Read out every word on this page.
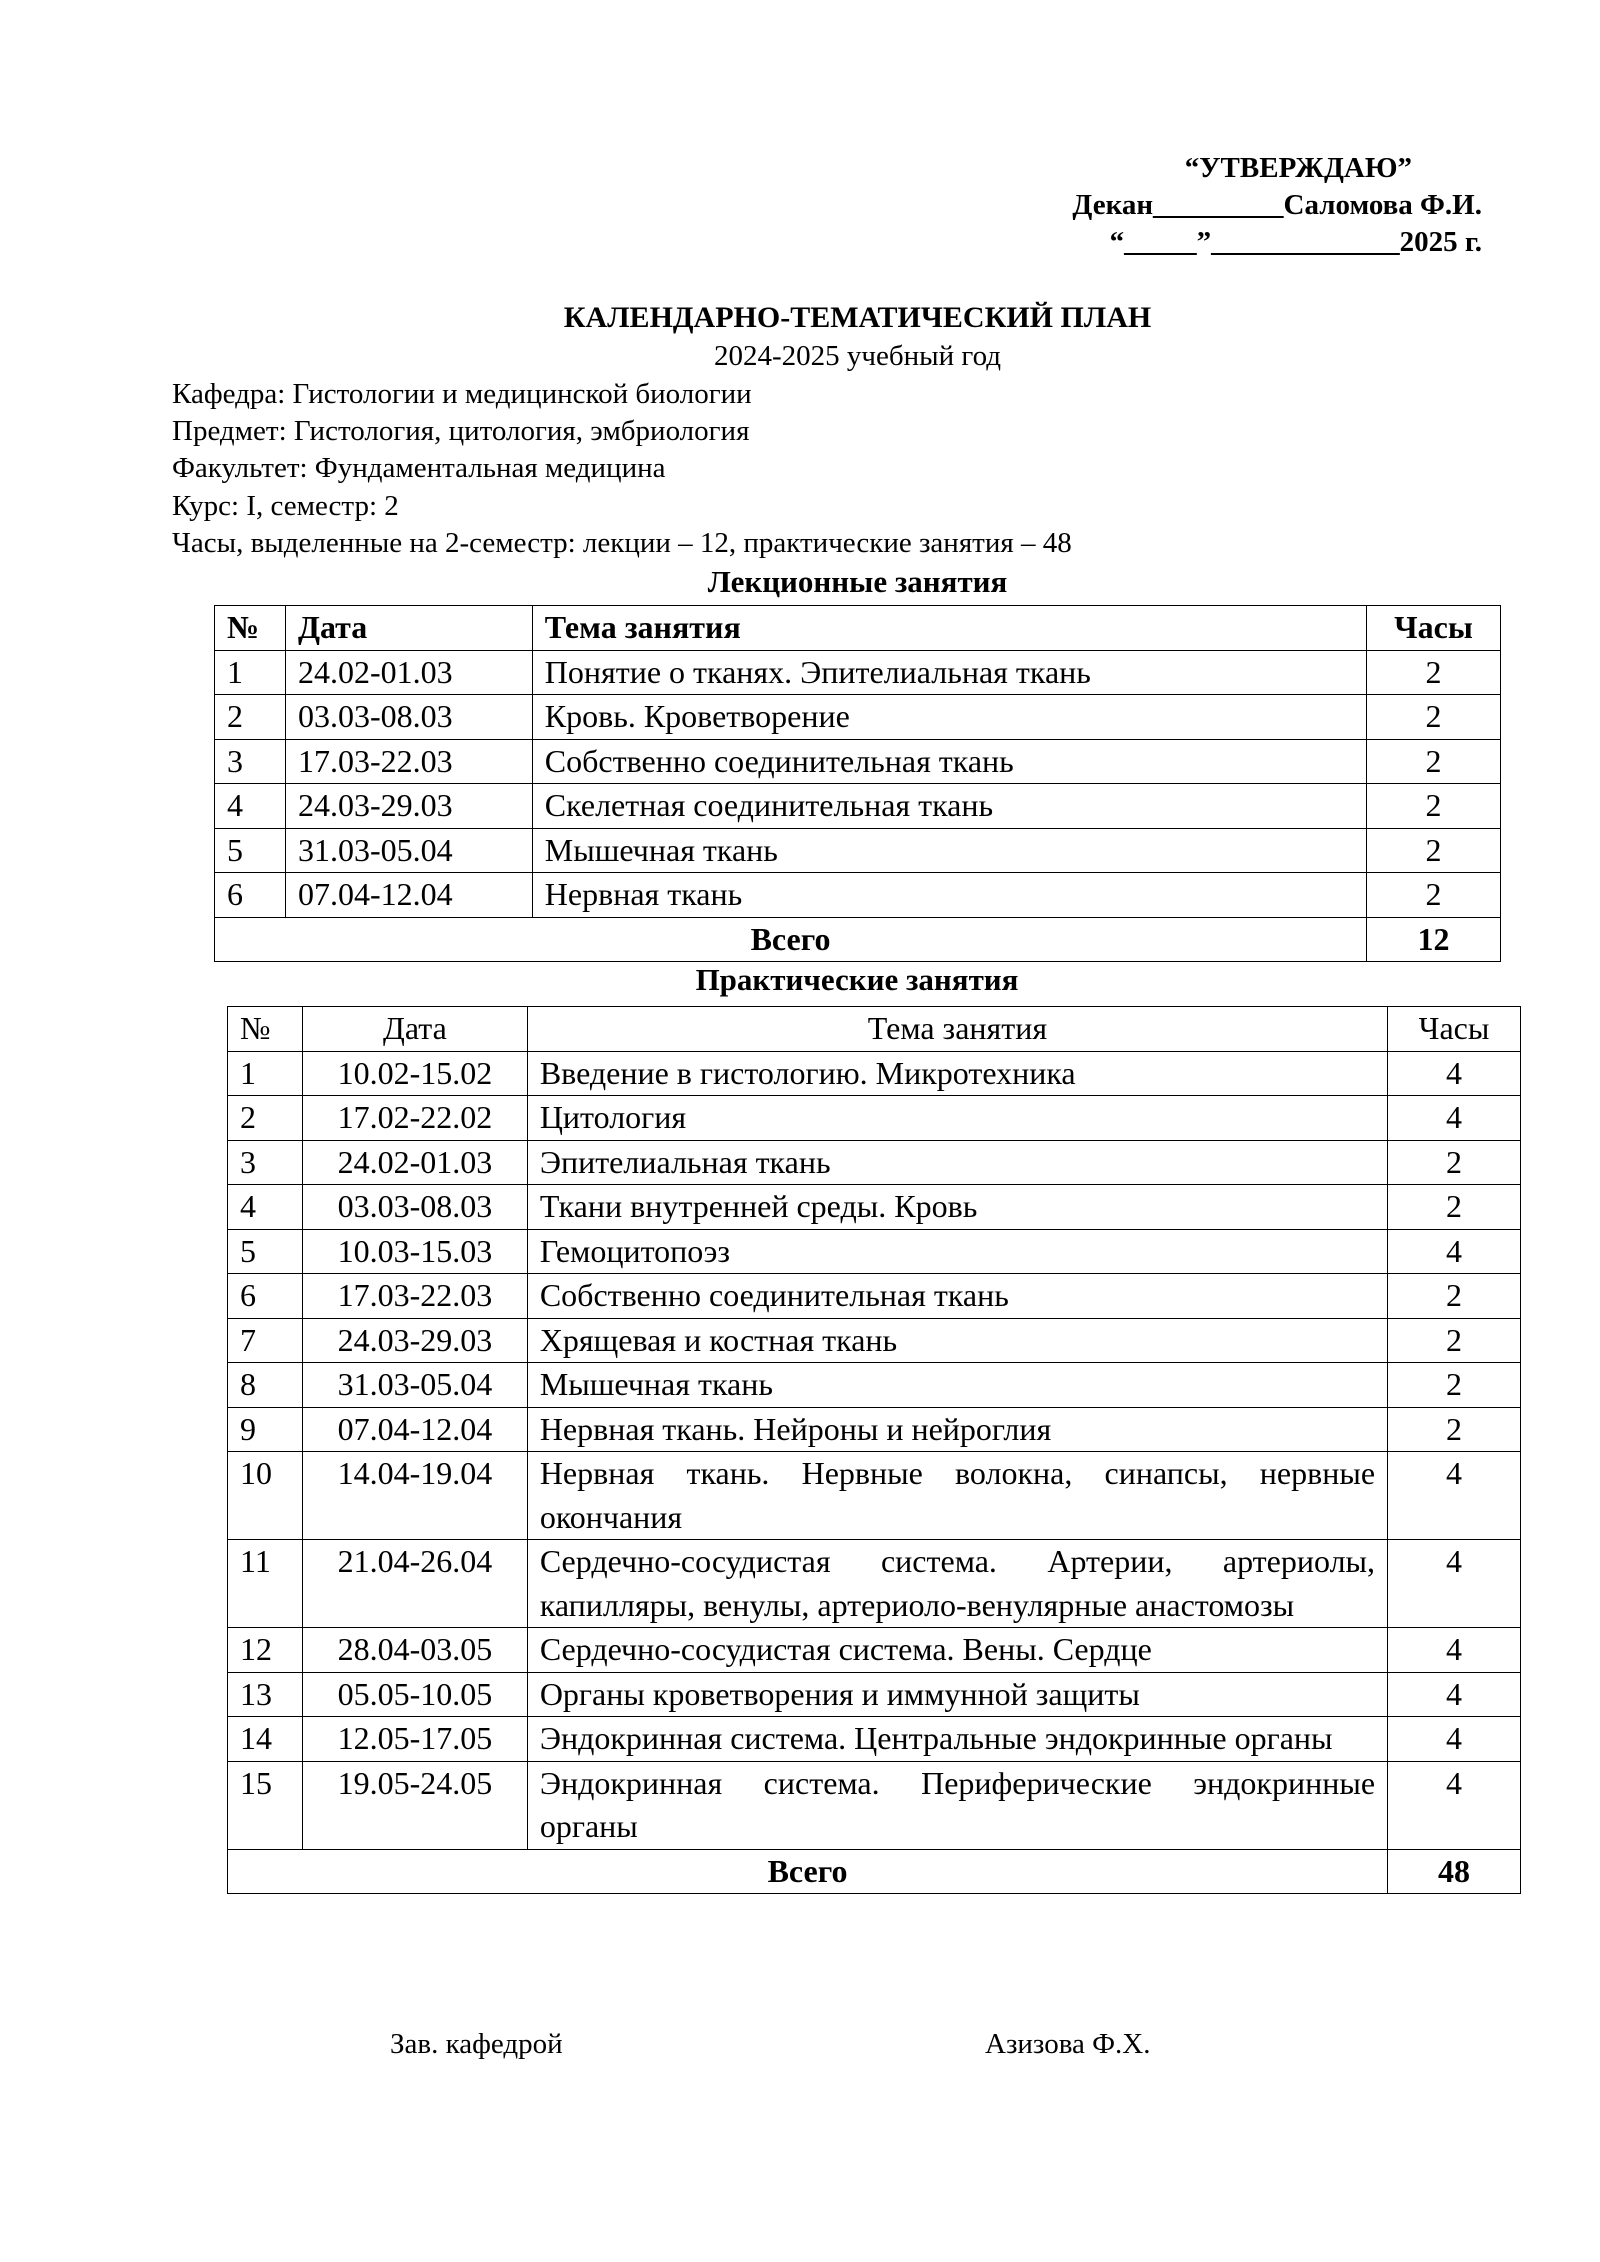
“УТВЕРЖДАЮ”
Декан_________Саломова Ф.И.
“_____”_____________2025 г.
КАЛЕНДАРНО-ТЕМАТИЧЕСКИЙ ПЛАН
2024-2025 учебный год
Кафедра: Гистологии и медицинской биологии
Предмет: Гистология, цитология, эмбриология
Факультет: Фундаментальная медицина
Курс: I, семестр: 2
Часы, выделенные на 2-семестр: лекции – 12, практические занятия – 48
Лекционные занятия
№	Дата	Тема занятия	Часы
1	24.02-01.03	Понятие о тканях. Эпителиальная ткань	2
2	03.03-08.03	Кровь. Кроветворение	2
3	17.03-22.03	Собственно соединительная ткань	2
4	24.03-29.03	Скелетная соединительная ткань	2
5	31.03-05.04	Мышечная ткань	2
6	07.04-12.04	Нервная ткань	2
Всего			12
Практические занятия
№	Дата	Тема занятия	Часы
1	10.02-15.02	Введение в гистологию. Микротехника	4
2	17.02-22.02	Цитология	4
3	24.02-01.03	Эпителиальная ткань	2
4	03.03-08.03	Ткани внутренней среды. Кровь	2
5	10.03-15.03	Гемоцитопоэз	4
6	17.03-22.03	Собственно соединительная ткань	2
7	24.03-29.03	Хрящевая и костная ткань	2
8	31.03-05.04	Мышечная ткань	2
9	07.04-12.04	Нервная ткань. Нейроны и нейроглия	2
10	14.04-19.04	Нервная ткань. Нервные волокна, синапсы, нервные окончания	4
11	21.04-26.04	Сердечно-сосудистая система. Артерии, артериолы, капилляры, венулы, артериоло-венулярные анастомозы	4
12	28.04-03.05	Сердечно-сосудистая система. Вены. Сердце	4
13	05.05-10.05	Органы кроветворения и иммунной защиты	4
14	12.05-17.05	Эндокринная система. Центральные эндокринные органы	4
15	19.05-24.05	Эндокринная система. Периферические эндокринные органы	4
Всего			48
Зав. кафедрой	Азизова Ф.Х.
